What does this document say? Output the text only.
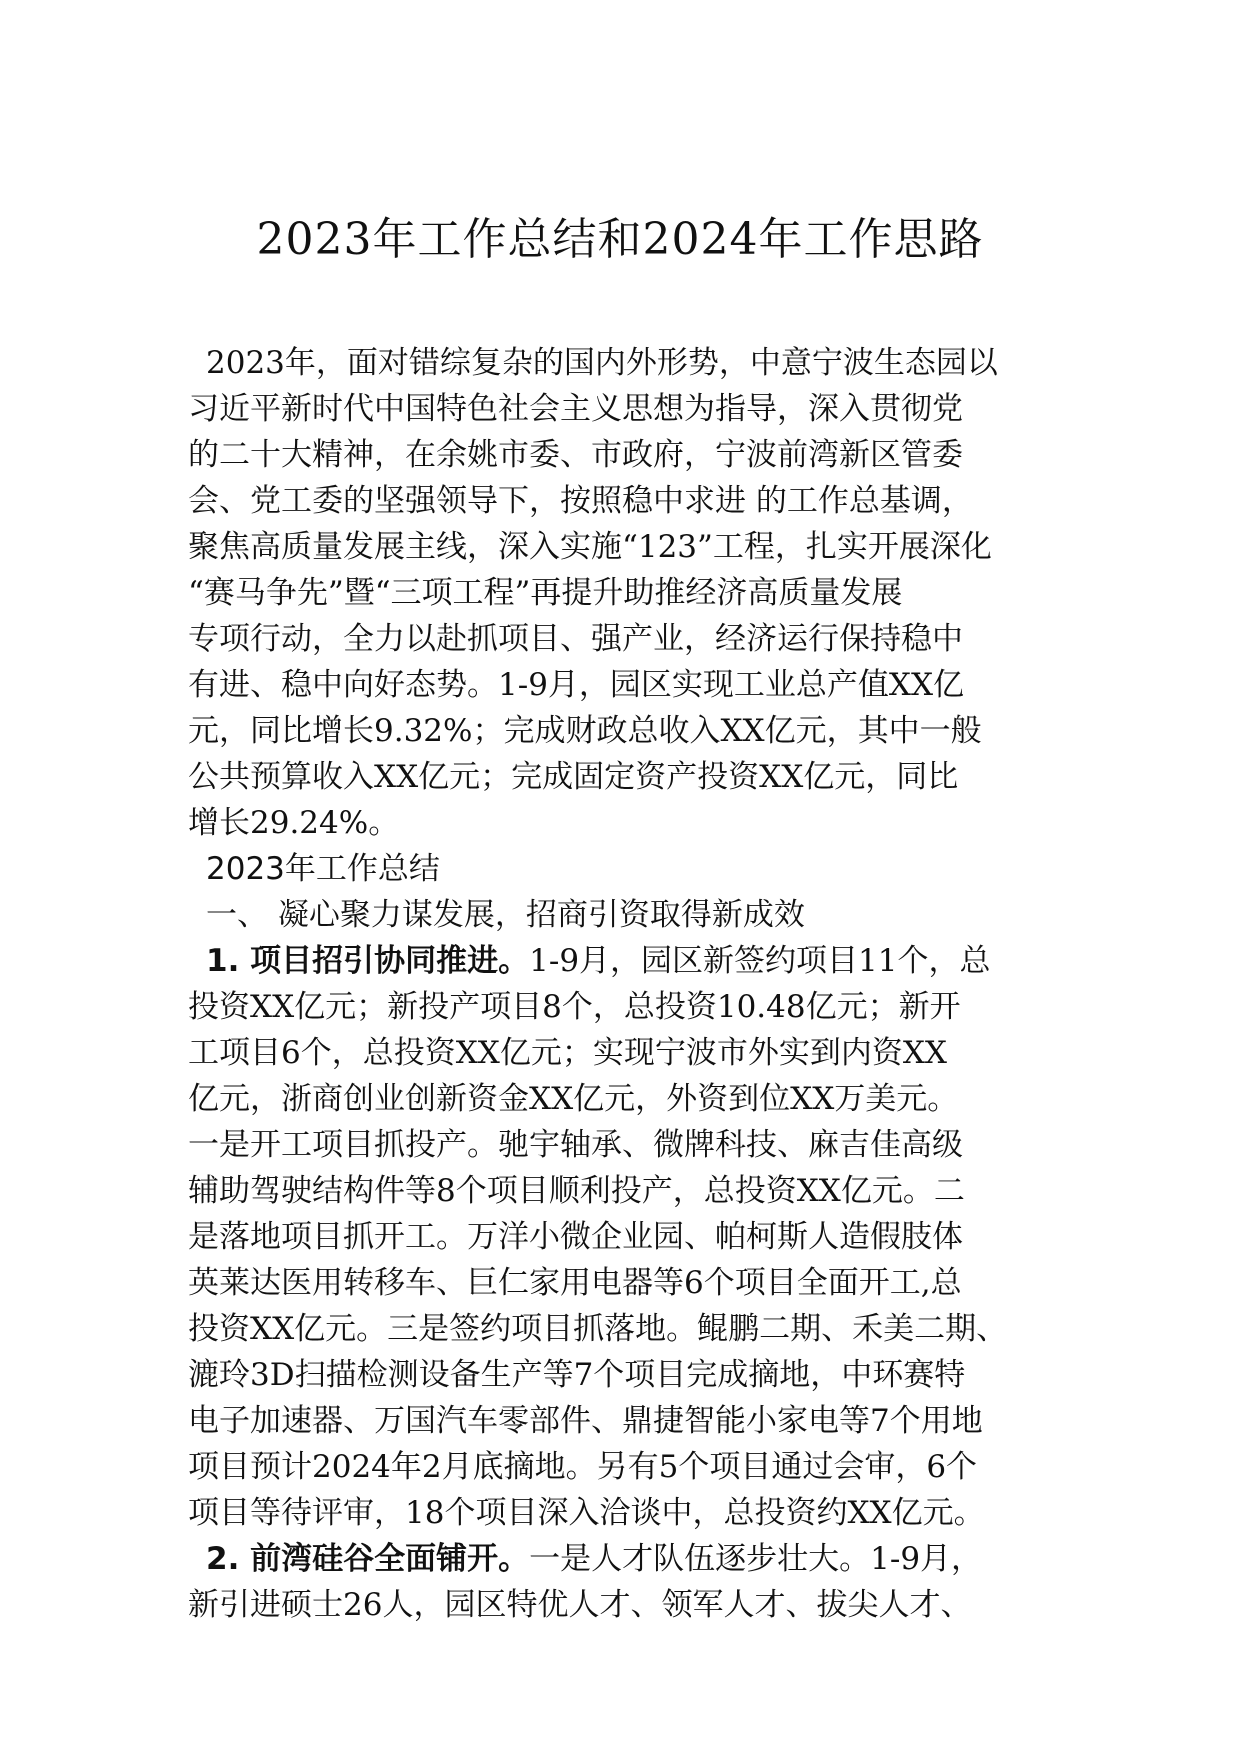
2023年工作总结和2024年工作思路
2023年，面对错综复杂的国内外形势，中意宁波生态园以
习近平新时代中国特色社会主义思想为指导，深入贯彻党
的二十大精神，在余姚市委、市政府，宁波前湾新区管委
会、党工委的坚强领导下，按照稳中求进 的工作总基调，
聚焦高质量发展主线，深入实施“123”工程，扎实开展深化
“赛马争先”暨“三项工程”再提升助推经济高质量发展
专项行动，全力以赴抓项目、强产业，经济运行保持稳中
有进、稳中向好态势。1-9月，园区实现工业总产值XX亿
元，同比增长9.32%；完成财政总收入XX亿元，其中一般
公共预算收入XX亿元；完成固定资产投资XX亿元，同比
增长29.24%。
2023年工作总结
一、 凝心聚力谋发展，招商引资取得新成效
1. 项目招引协同推进。1-9月，园区新签约项目11个，总
投资XX亿元；新投产项目8个，总投资10.48亿元；新开
工项目6个，总投资XX亿元；实现宁波市外实到内资XX
亿元，浙商创业创新资金XX亿元，外资到位XX万美元。
一是开工项目抓投产。驰宇轴承、微牌科技、麻吉佳高级
辅助驾驶结构件等8个项目顺利投产，总投资XX亿元。二
是落地项目抓开工。万洋小微企业园、帕柯斯人造假肢体
英莱达医用转移车、巨仁家用电器等6个项目全面开工,总
投资XX亿元。三是签约项目抓落地。鲲鹏二期、禾美二期、
漉玲3D扫描检测设备生产等7个项目完成摘地，中环赛特
电子加速器、万国汽车零部件、鼎捷智能小家电等7个用地
项目预计2024年2月底摘地。另有5个项目通过会审，6个
项目等待评审，18个项目深入洽谈中，总投资约XX亿元。
2. 前湾硅谷全面铺开。一是人才队伍逐步壮大。1-9月，
新引进硕士26人，园区特优人才、领军人才、拔尖人才、
